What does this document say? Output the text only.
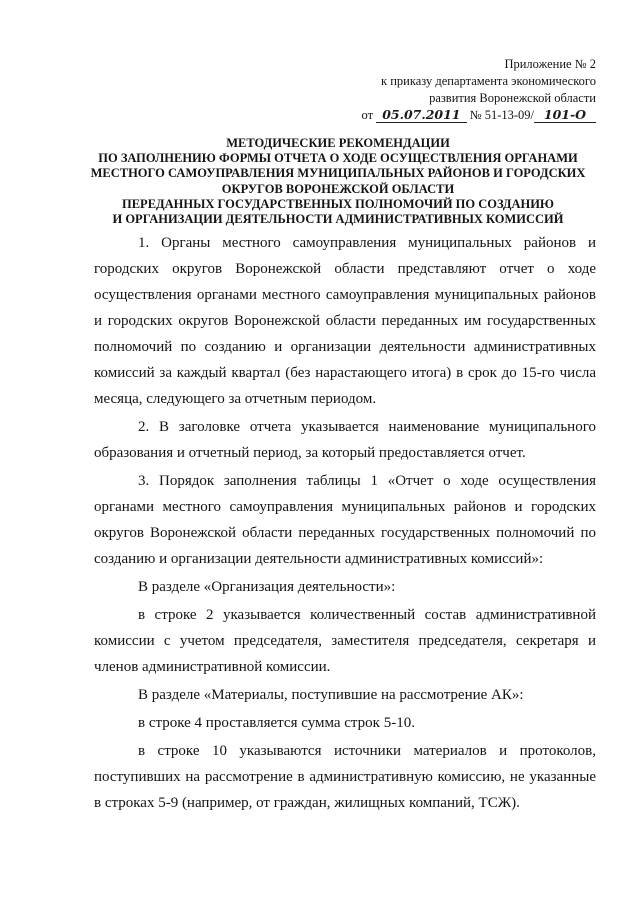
Приложение № 2
к приказу департамента экономического
развития Воронежской области
от 05.07.2011 № 51-13-09/ 101-О
МЕТОДИЧЕСКИЕ РЕКОМЕНДАЦИИ
ПО ЗАПОЛНЕНИЮ ФОРМЫ ОТЧЕТА О ХОДЕ ОСУЩЕСТВЛЕНИЯ ОРГАНАМИ
МЕСТНОГО САМОУПРАВЛЕНИЯ МУНИЦИПАЛЬНЫХ РАЙОНОВ И ГОРОДСКИХ
ОКРУГОВ ВОРОНЕЖСКОЙ ОБЛАСТИ
ПЕРЕДАННЫХ ГОСУДАРСТВЕННЫХ ПОЛНОМОЧИЙ ПО СОЗДАНИЮ
И ОРГАНИЗАЦИИ ДЕЯТЕЛЬНОСТИ АДМИНИСТРАТИВНЫХ КОМИССИЙ

1. Органы местного самоуправления муниципальных районов и городских округов Воронежской области представляют отчет о ходе осуществления органами местного самоуправления муниципальных районов и городских округов Воронежской области переданных им государственных полномочий по созданию и организации деятельности административных комиссий за каждый квартал (без нарастающего итога) в срок до 15-го числа месяца, следующего за отчетным периодом.

2. В заголовке отчета указывается наименование муниципального образования и отчетный период, за который предоставляется отчет.

3. Порядок заполнения таблицы 1 «Отчет о ходе осуществления органами местного самоуправления муниципальных районов и городских округов Воронежской области переданных государственных полномочий по созданию и организации деятельности административных комиссий»:

В разделе «Организация деятельности»:

в строке 2 указывается количественный состав административной комиссии с учетом председателя, заместителя председателя, секретаря и членов административной комиссии.

В разделе «Материалы, поступившие на рассмотрение АК»:

в строке 4 проставляется сумма строк 5-10.

в строке 10 указываются источники материалов и протоколов, поступивших на рассмотрение в административную комиссию, не указанные в строках 5-9 (например, от граждан, жилищных компаний, ТСЖ).
